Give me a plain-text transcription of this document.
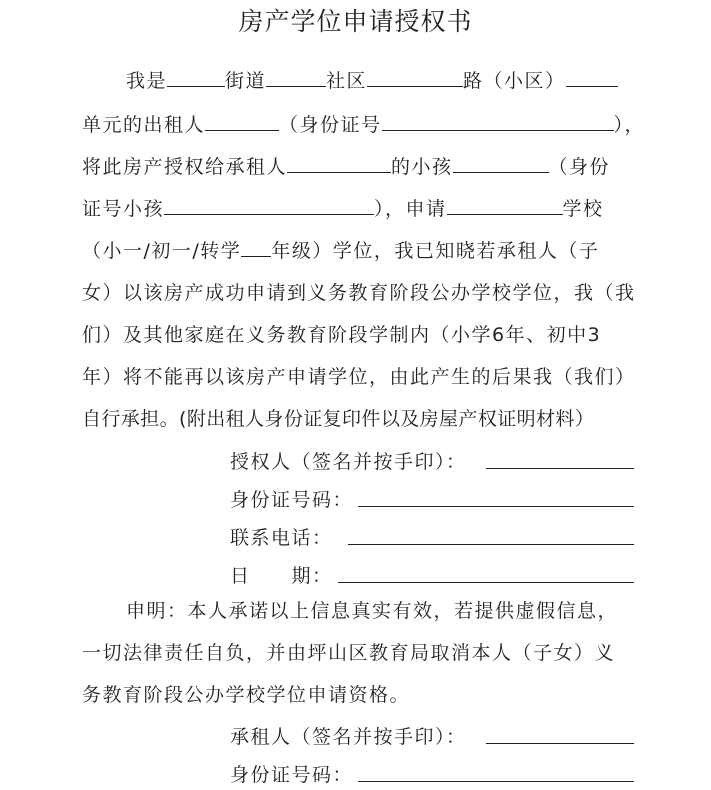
房产学位申请授权书
我是	街道	社区	路（小区）
单元的出租人	（身份证号	），
将此房产授权给承租人	的小孩	（身份
证号小孩	），申请	学校
（小一/初一/转学 年级）学位，我已知晓若承租人（子
女）以该房产成功申请到义务教育阶段公办学校学位，我（我
们）及其他家庭在义务教育阶段学制内（小学6年、初中3
年）将不能再以该房产申请学位，由此产生的后果我（我们）
自行承担。(附出租人身份证复印件以及房屋产权证明材料）
授权人（签名并按手印）：
身份证号码：
联系电话：
日　　期：
申明：本人承诺以上信息真实有效，若提供虚假信息，
一切法律责任自负，并由坪山区教育局取消本人（子女）义
务教育阶段公办学校学位申请资格。
承租人（签名并按手印）：
身份证号码：
